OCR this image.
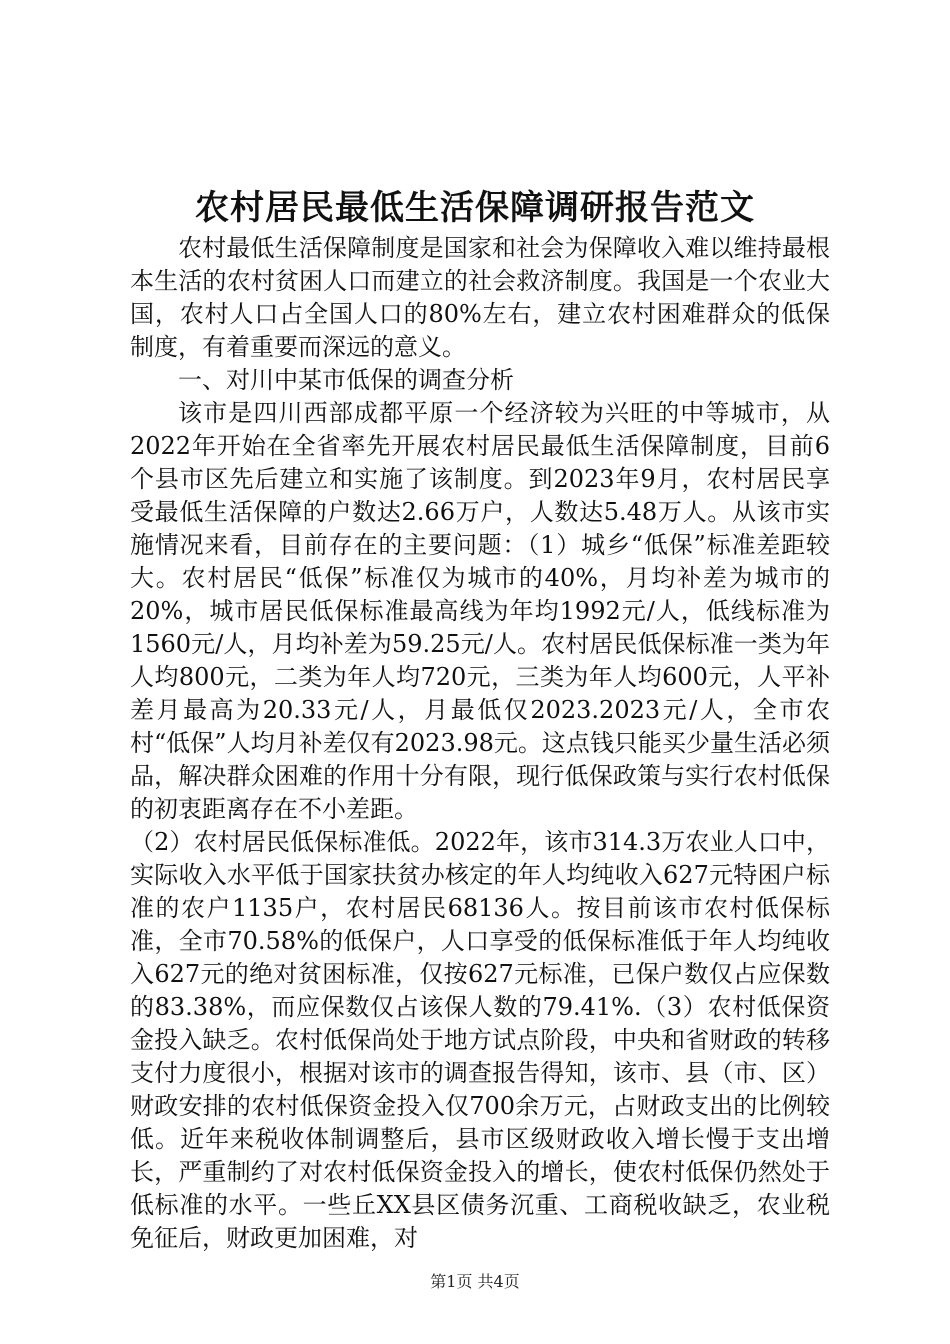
农村居民最低生活保障调研报告范文

农村最低生活保障制度是国家和社会为保障收入难以维持最根本生活的农村贫困人口而建立的社会救济制度。我国是一个农业大国，农村人口占全国人口的80%左右，建立农村困难群众的低保制度，有着重要而深远的意义。

一、对川中某市低保的调查分析

该市是四川西部成都平原一个经济较为兴旺的中等城市，从2022年开始在全省率先开展农村居民最低生活保障制度，目前6个县市区先后建立和实施了该制度。到2023年9月，农村居民享受最低生活保障的户数达2.66万户，人数达5.48万人。从该市实施情况来看，目前存在的主要问题：（1）城乡“低保”标准差距较大。农村居民“低保”标准仅为城市的40%，月均补差为城市的20%，城市居民低保标准最高线为年均1992元/人，低线标准为1560元/人，月均补差为59.25元/人。农村居民低保标准一类为年人均800元，二类为年人均720元，三类为年人均600元，人平补差月最高为20.33元/人，月最低仅2023.2023元/人，全市农村“低保”人均月补差仅有2023.98元。这点钱只能买少量生活必须品，解决群众困难的作用十分有限，现行低保政策与实行农村低保的初衷距离存在不小差距。

（2）农村居民低保标准低。2022年，该市314.3万农业人口中，实际收入水平低于国家扶贫办核定的年人均纯收入627元特困户标准的农户1135户，农村居民68136人。按目前该市农村低保标准，全市70.58%的低保户，人口享受的低保标准低于年人均纯收入627元的绝对贫困标准，仅按627元标准，已保户数仅占应保数的83.38%，而应保数仅占该保人数的79.41%.（3）农村低保资金投入缺乏。农村低保尚处于地方试点阶段，中央和省财政的转移支付力度很小，根据对该市的调查报告得知，该市、县（市、区）财政安排的农村低保资金投入仅700余万元，占财政支出的比例较低。近年来税收体制调整后，县市区级财政收入增长慢于支出增长，严重制约了对农村低保资金投入的增长，使农村低保仍然处于低标准的水平。一些丘XX县区债务沉重、工商税收缺乏，农业税免征后，财政更加困难，对

第1页 共4页
